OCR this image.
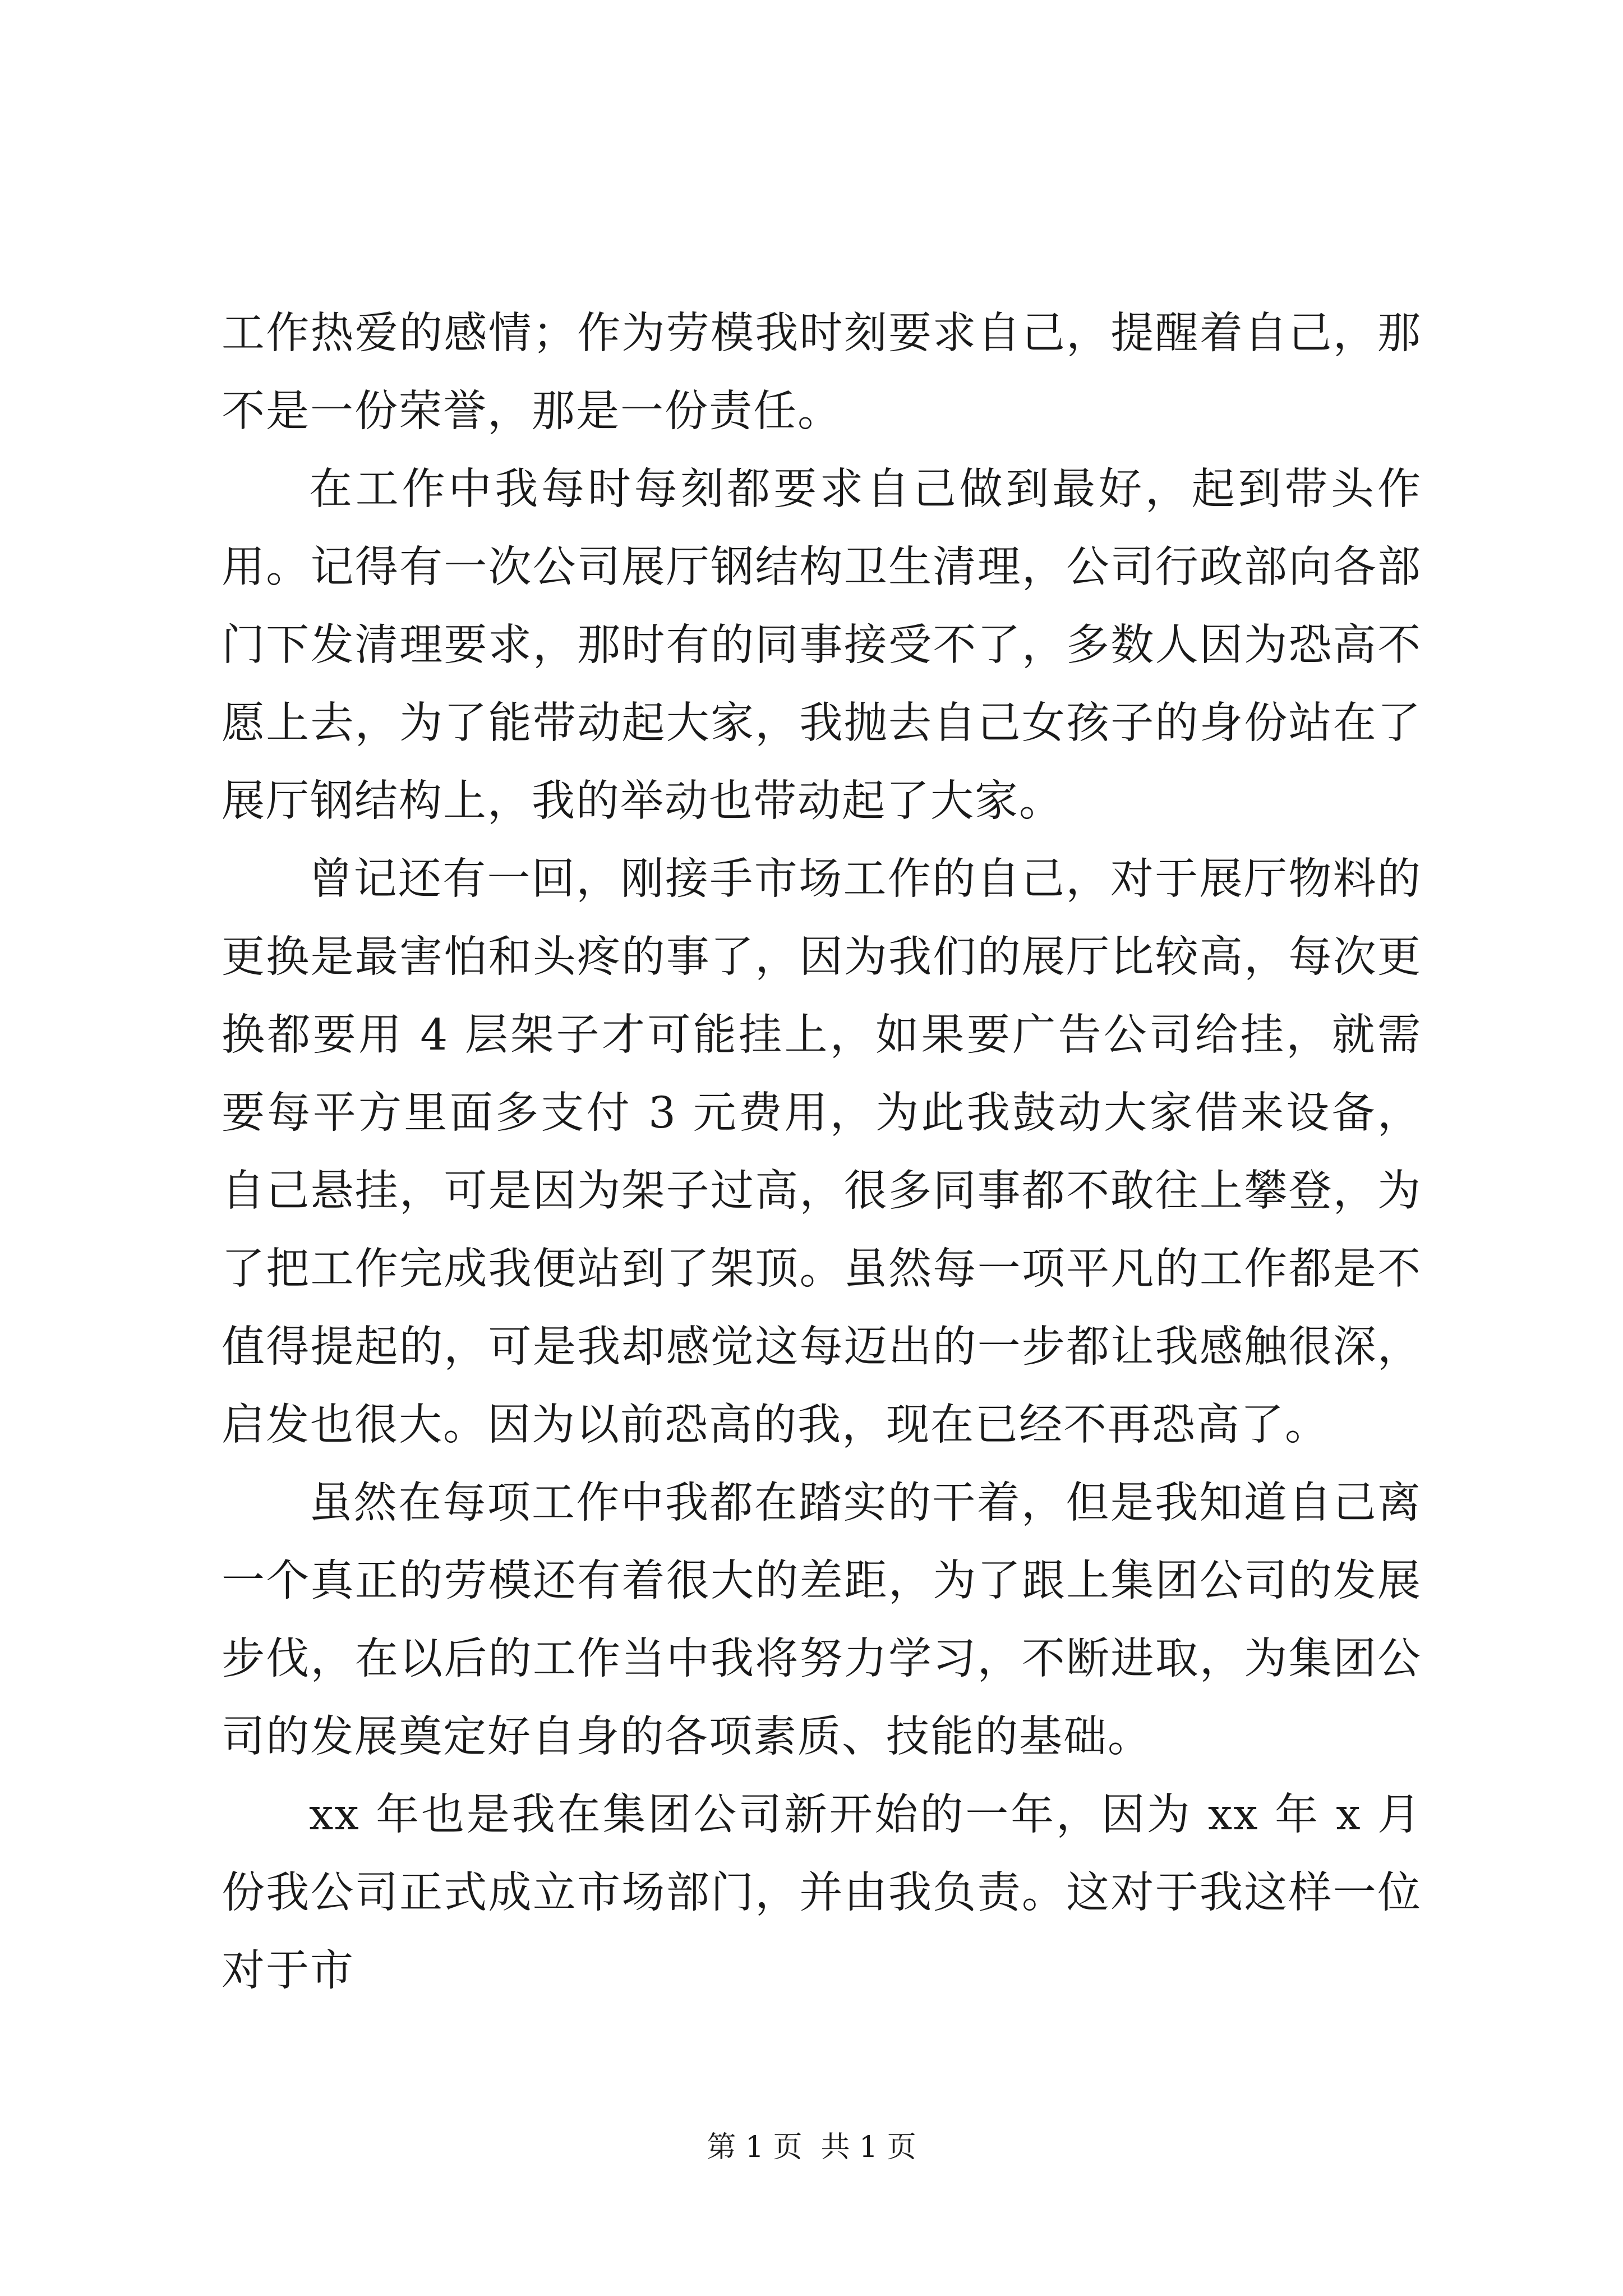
工作热爱的感情；作为劳模我时刻要求自己，提醒着自己，那不是一份荣誉，那是一份责任。

在工作中我每时每刻都要求自己做到最好，起到带头作用。记得有一次公司展厅钢结构卫生清理，公司行政部向各部门下发清理要求，那时有的同事接受不了，多数人因为恐高不愿上去，为了能带动起大家，我抛去自己女孩子的身份站在了展厅钢结构上，我的举动也带动起了大家。

曾记还有一回，刚接手市场工作的自己，对于展厅物料的更换是最害怕和头疼的事了，因为我们的展厅比较高，每次更换都要用 4 层架子才可能挂上，如果要广告公司给挂，就需要每平方里面多支付 3 元费用，为此我鼓动大家借来设备，自己悬挂，可是因为架子过高，很多同事都不敢往上攀登，为了把工作完成我便站到了架顶。虽然每一项平凡的工作都是不值得提起的，可是我却感觉这每迈出的一步都让我感触很深，启发也很大。因为以前恐高的我，现在已经不再恐高了。

虽然在每项工作中我都在踏实的干着，但是我知道自己离一个真正的劳模还有着很大的差距，为了跟上集团公司的发展步伐，在以后的工作当中我将努力学习，不断进取，为集团公司的发展奠定好自身的各项素质、技能的基础。

xx 年也是我在集团公司新开始的一年，因为 xx 年 x 月份我公司正式成立市场部门，并由我负责。这对于我这样一位对于市

第 1 页  共 1 页
